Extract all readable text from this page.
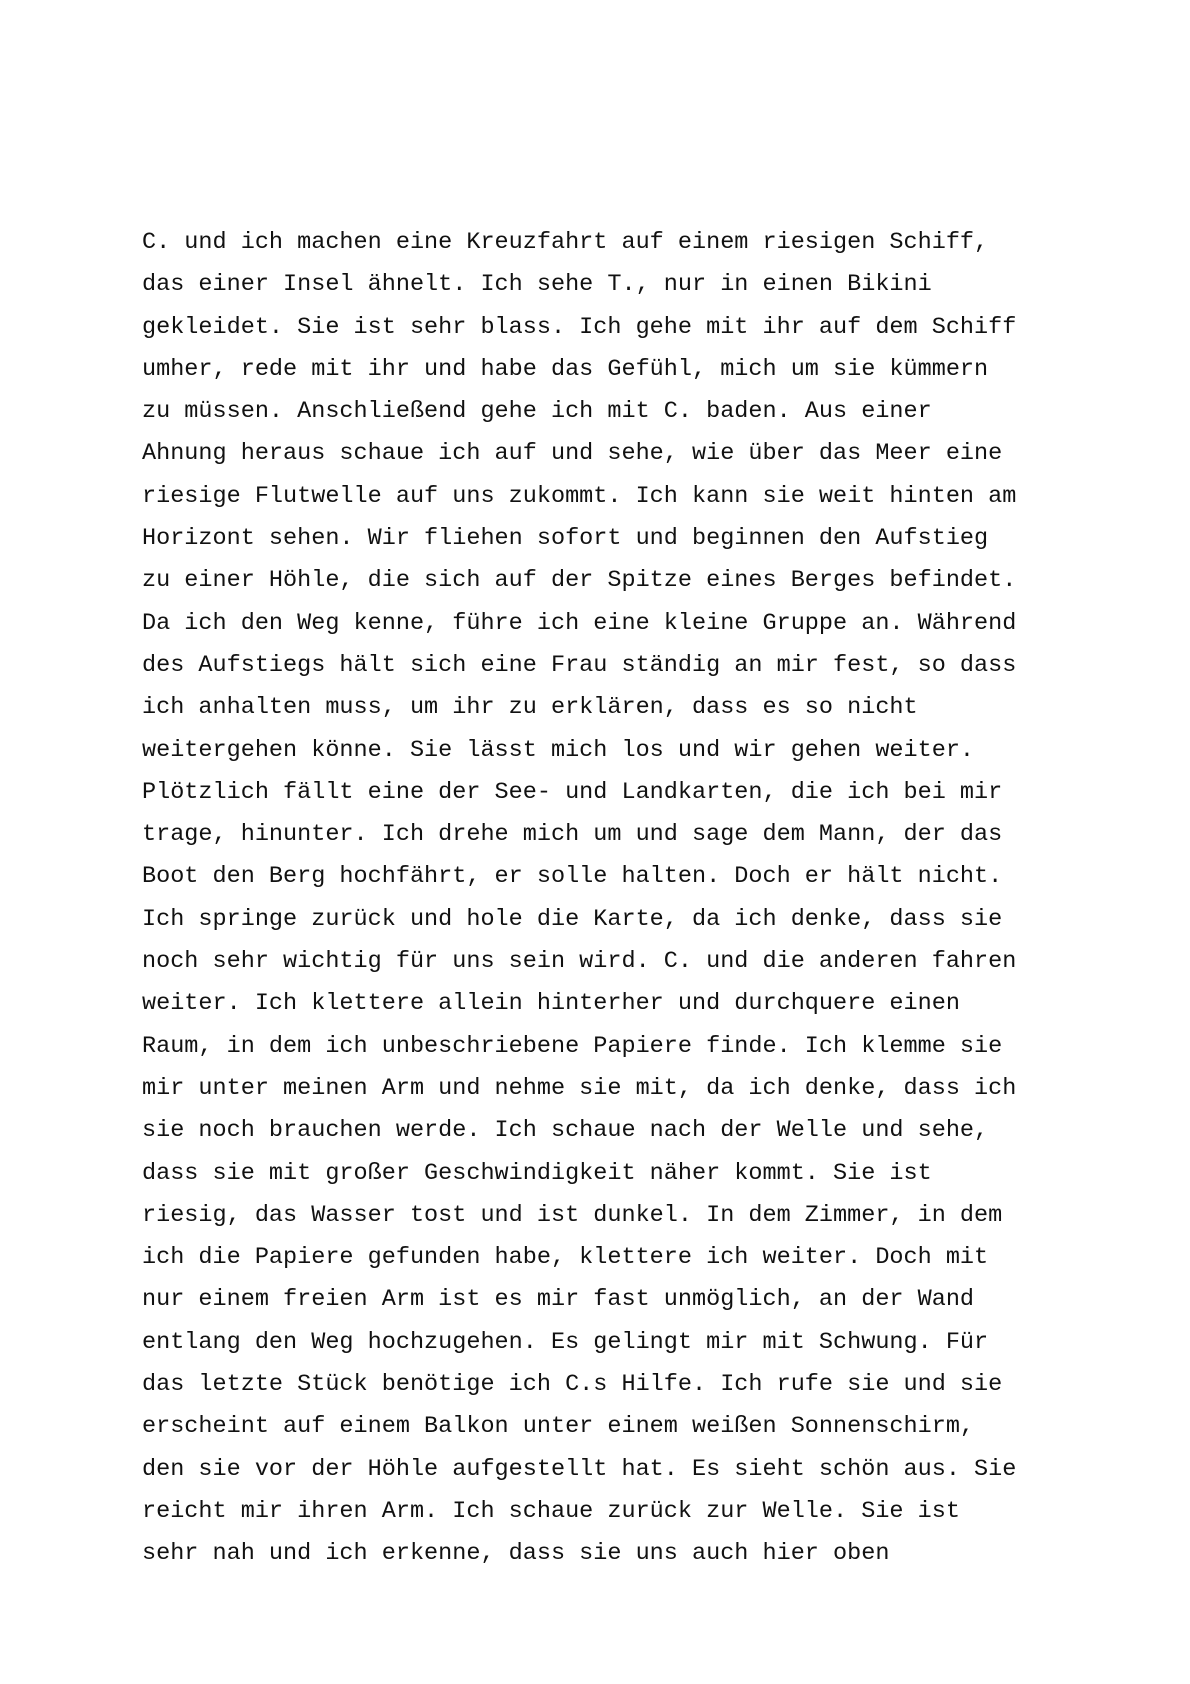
C. und ich machen eine Kreuzfahrt auf einem riesigen Schiff,
das einer Insel ähnelt. Ich sehe T., nur in einen Bikini
gekleidet. Sie ist sehr blass. Ich gehe mit ihr auf dem Schiff
umher, rede mit ihr und habe das Gefühl, mich um sie kümmern
zu müssen. Anschließend gehe ich mit C. baden. Aus einer
Ahnung heraus schaue ich auf und sehe, wie über das Meer eine
riesige Flutwelle auf uns zukommt. Ich kann sie weit hinten am
Horizont sehen. Wir fliehen sofort und beginnen den Aufstieg
zu einer Höhle, die sich auf der Spitze eines Berges befindet.
Da ich den Weg kenne, führe ich eine kleine Gruppe an. Während
des Aufstiegs hält sich eine Frau ständig an mir fest, so dass
ich anhalten muss, um ihr zu erklären, dass es so nicht
weitergehen könne. Sie lässt mich los und wir gehen weiter.
Plötzlich fällt eine der See- und Landkarten, die ich bei mir
trage, hinunter. Ich drehe mich um und sage dem Mann, der das
Boot den Berg hochfährt, er solle halten. Doch er hält nicht.
Ich springe zurück und hole die Karte, da ich denke, dass sie
noch sehr wichtig für uns sein wird. C. und die anderen fahren
weiter. Ich klettere allein hinterher und durchquere einen
Raum, in dem ich unbeschriebene Papiere finde. Ich klemme sie
mir unter meinen Arm und nehme sie mit, da ich denke, dass ich
sie noch brauchen werde. Ich schaue nach der Welle und sehe,
dass sie mit großer Geschwindigkeit näher kommt. Sie ist
riesig, das Wasser tost und ist dunkel. In dem Zimmer, in dem
ich die Papiere gefunden habe, klettere ich weiter. Doch mit
nur einem freien Arm ist es mir fast unmöglich, an der Wand
entlang den Weg hochzugehen. Es gelingt mir mit Schwung. Für
das letzte Stück benötige ich C.s Hilfe. Ich rufe sie und sie
erscheint auf einem Balkon unter einem weißen Sonnenschirm,
den sie vor der Höhle aufgestellt hat. Es sieht schön aus. Sie
reicht mir ihren Arm. Ich schaue zurück zur Welle. Sie ist
sehr nah und ich erkenne, dass sie uns auch hier oben
